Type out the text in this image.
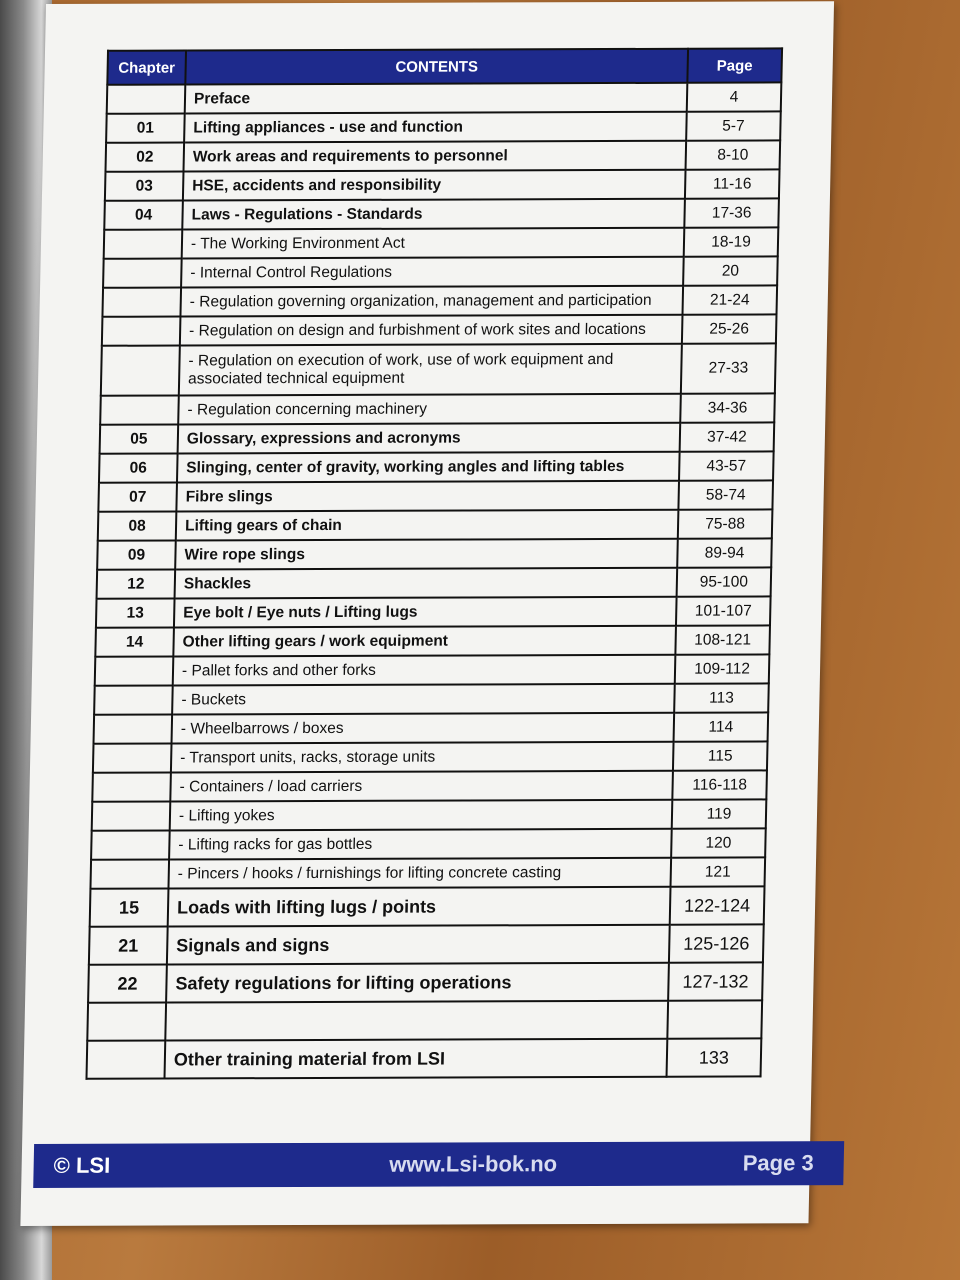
Chapter	CONTENTS	Page
	Preface	4
01	Lifting appliances - use and function	5-7
02	Work areas and requirements to personnel	8-10
03	HSE, accidents and responsibility	11-16
04	Laws - Regulations - Standards	17-36
	- The Working Environment Act	18-19
	- Internal Control Regulations	20
	- Regulation governing organization, management and participation	21-24
	- Regulation on design and furbishment of work sites and locations	25-26
	- Regulation on execution of work, use of work equipment and associated technical equipment	27-33
	- Regulation concerning machinery	34-36
05	Glossary, expressions and acronyms	37-42
06	Slinging, center of gravity, working angles and lifting tables	43-57
07	Fibre slings	58-74
08	Lifting gears of chain	75-88
09	Wire rope slings	89-94
12	Shackles	95-100
13	Eye bolt / Eye nuts / Lifting lugs	101-107
14	Other lifting gears / work equipment	108-121
	- Pallet forks and other forks	109-112
	- Buckets	113
	- Wheelbarrows / boxes	114
	- Transport units, racks, storage units	115
	- Containers / load carriers	116-118
	- Lifting yokes	119
	- Lifting racks for gas bottles	120
	- Pincers / hooks / furnishings for lifting concrete casting	121
15	Loads with lifting lugs / points	122-124
21	Signals and signs	125-126
22	Safety regulations for lifting operations	127-132

	Other training material from LSI	133
© LSI	www.Lsi-bok.no	Page 3
